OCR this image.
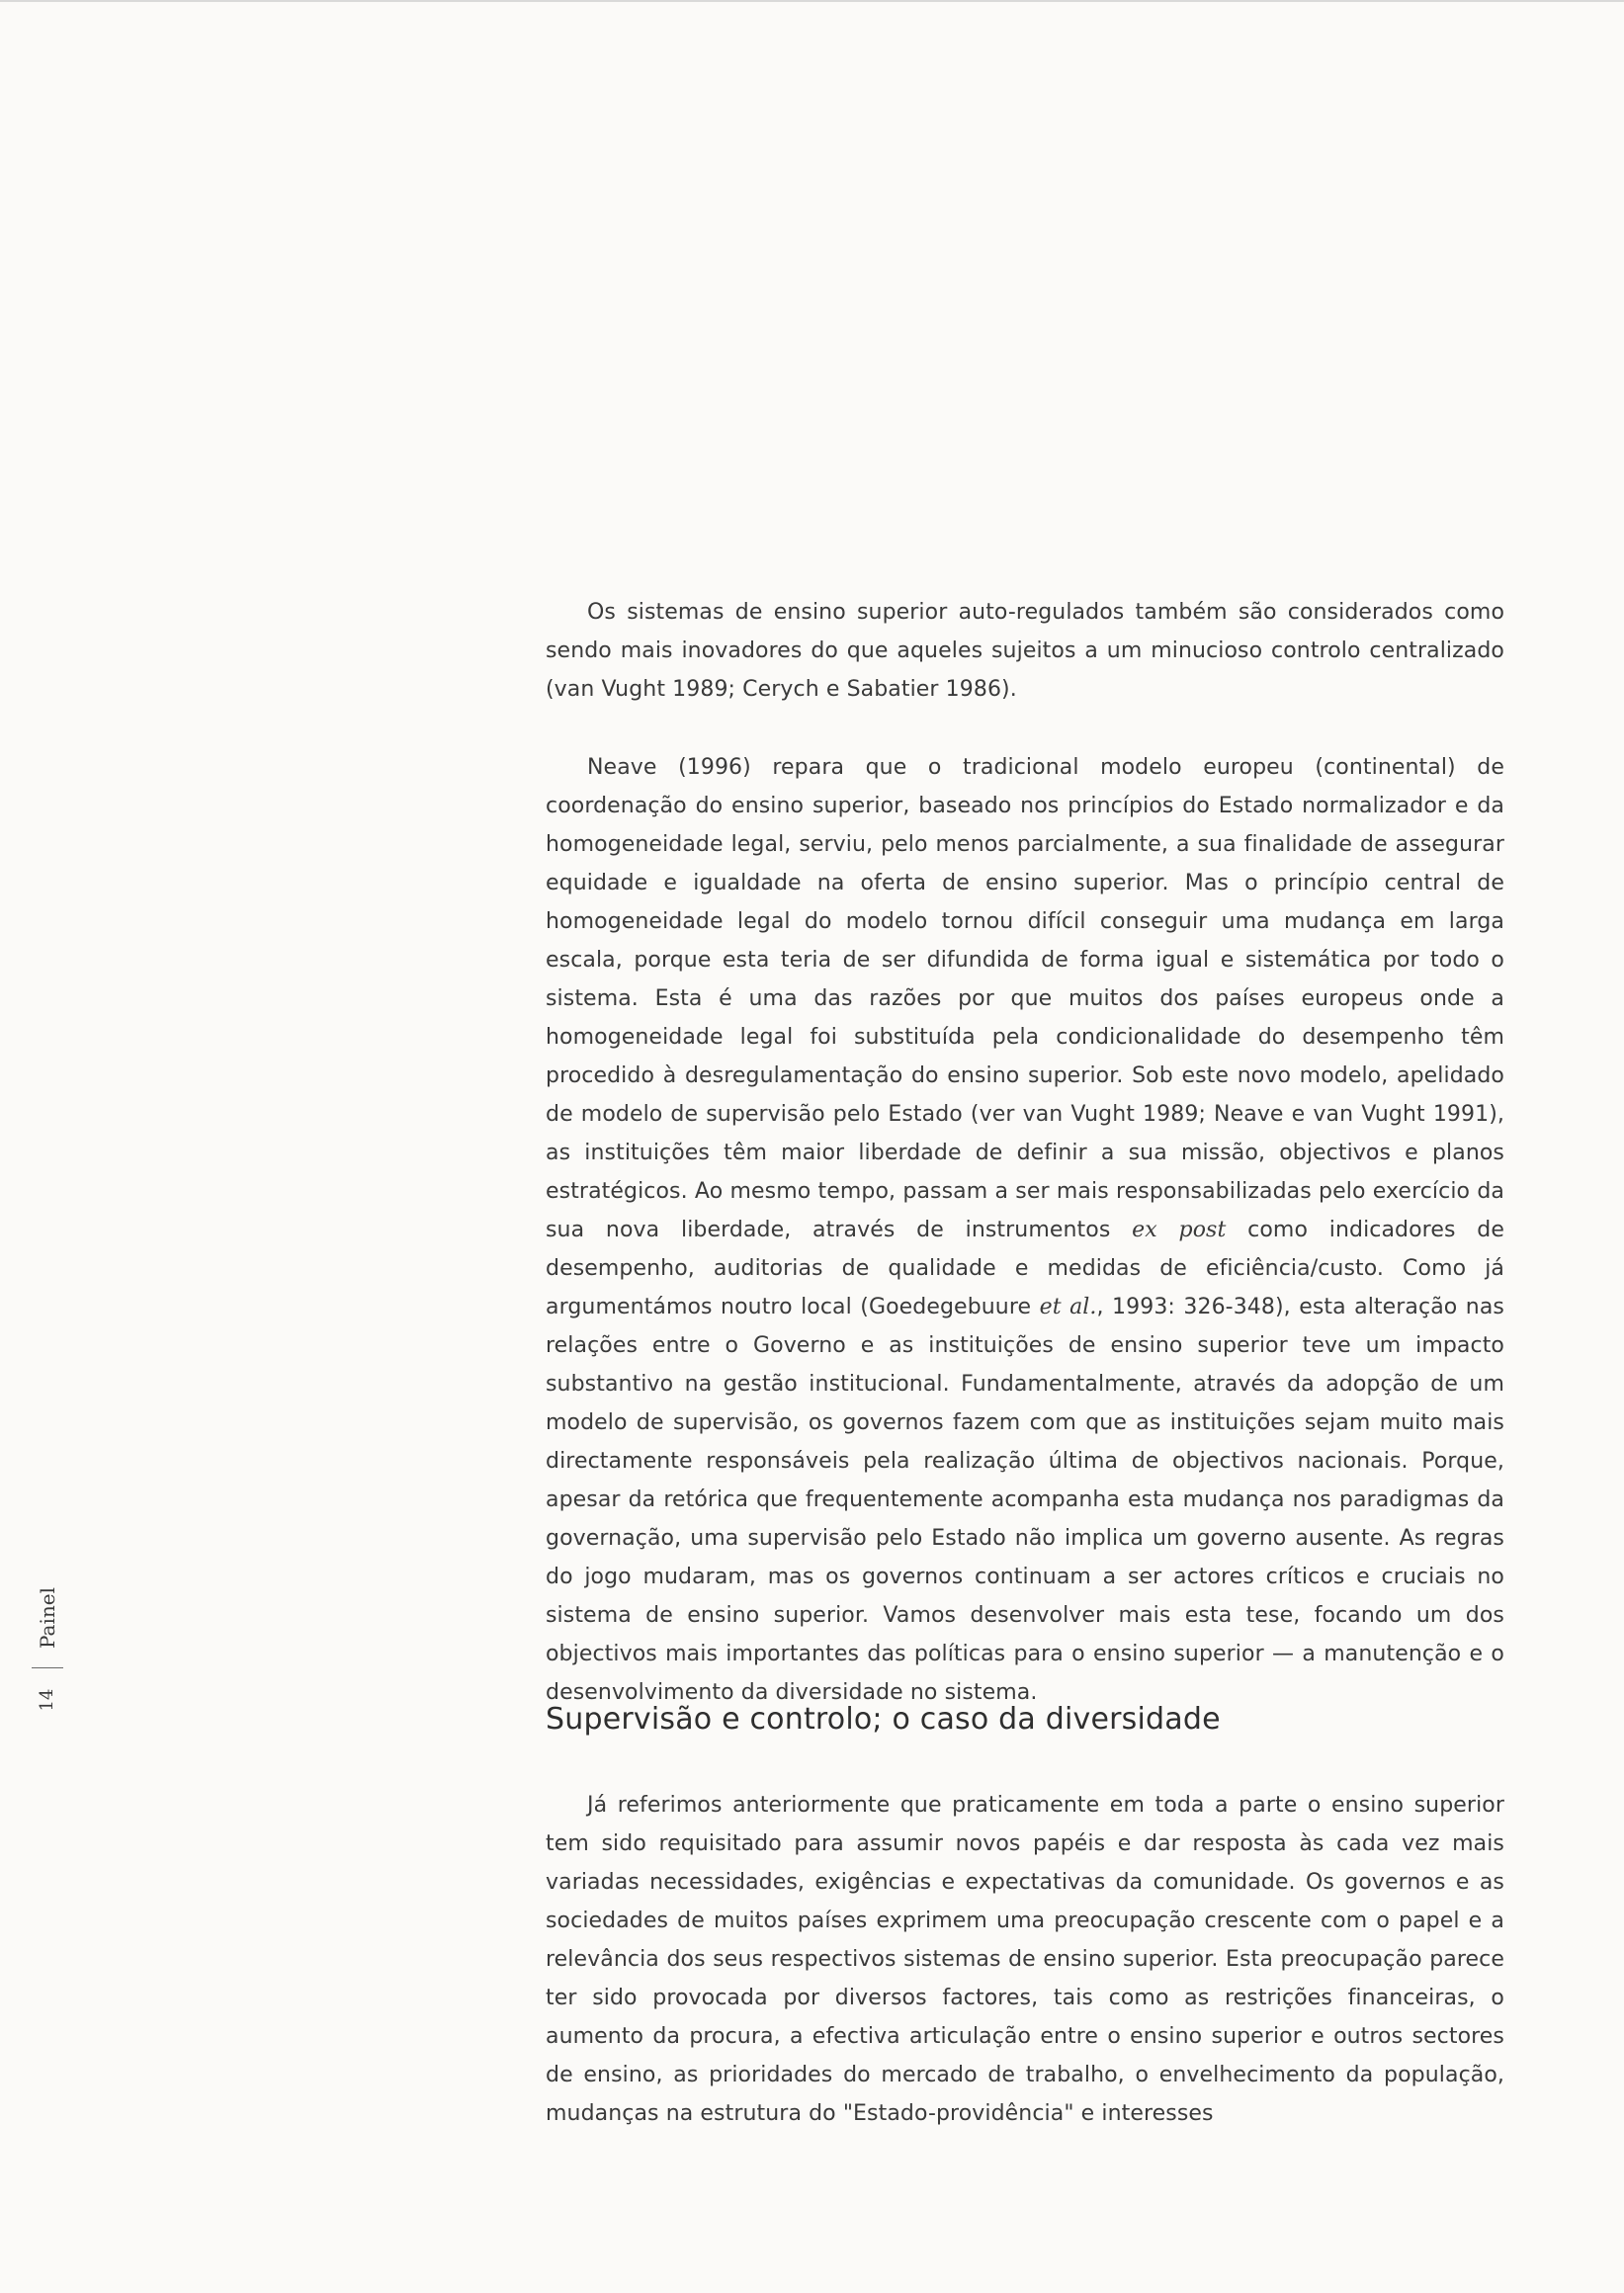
Painel
14

Os sistemas de ensino superior auto-regulados também são considerados como sendo mais inovadores do que aqueles sujeitos a um minucioso controlo centralizado (van Vught 1989; Cerych e Sabatier 1986).

Neave (1996) repara que o tradicional modelo europeu (continental) de coordenação do ensino superior, baseado nos princípios do Estado normalizador e da homogeneidade legal, serviu, pelo menos parcialmente, a sua finalidade de assegurar equidade e igualdade na oferta de ensino superior. Mas o princípio central de homogeneidade legal do modelo tornou difícil conseguir uma mudança em larga escala, porque esta teria de ser difundida de forma igual e sistemática por todo o sistema. Esta é uma das razões por que muitos dos países europeus onde a homogeneidade legal foi substituída pela condicionalidade do desempenho têm procedido à desregulamentação do ensino superior. Sob este novo modelo, apelidado de modelo de supervisão pelo Estado (ver van Vught 1989; Neave e van Vught 1991), as instituições têm maior liberdade de definir a sua missão, objectivos e planos estratégicos. Ao mesmo tempo, passam a ser mais responsabilizadas pelo exercício da sua nova liberdade, através de instrumentos ex post como indicadores de desempenho, auditorias de qualidade e medidas de eficiência/custo. Como já argumentámos noutro local (Goedegebuure et al., 1993: 326-348), esta alteração nas relações entre o Governo e as instituições de ensino superior teve um impacto substantivo na gestão institucional. Fundamentalmente, através da adopção de um modelo de supervisão, os governos fazem com que as instituições sejam muito mais directamente responsáveis pela realização última de objectivos nacionais. Porque, apesar da retórica que frequentemente acompanha esta mudança nos paradigmas da governação, uma supervisão pelo Estado não implica um governo ausente. As regras do jogo mudaram, mas os governos continuam a ser actores críticos e cruciais no sistema de ensino superior. Vamos desenvolver mais esta tese, focando um dos objectivos mais importantes das políticas para o ensino superior — a manutenção e o desenvolvimento da diversidade no sistema.

Supervisão e controlo; o caso da diversidade

Já referimos anteriormente que praticamente em toda a parte o ensino superior tem sido requisitado para assumir novos papéis e dar resposta às cada vez mais variadas necessidades, exigências e expectativas da comunidade. Os governos e as sociedades de muitos países exprimem uma preocupação crescente com o papel e a relevância dos seus respectivos sistemas de ensino superior. Esta preocupação parece ter sido provocada por diversos factores, tais como as restrições financeiras, o aumento da procura, a efectiva articulação entre o ensino superior e outros sectores de ensino, as prioridades do mercado de trabalho, o envelhecimento da população, mudanças na estrutura do "Estado-providência" e interesses
